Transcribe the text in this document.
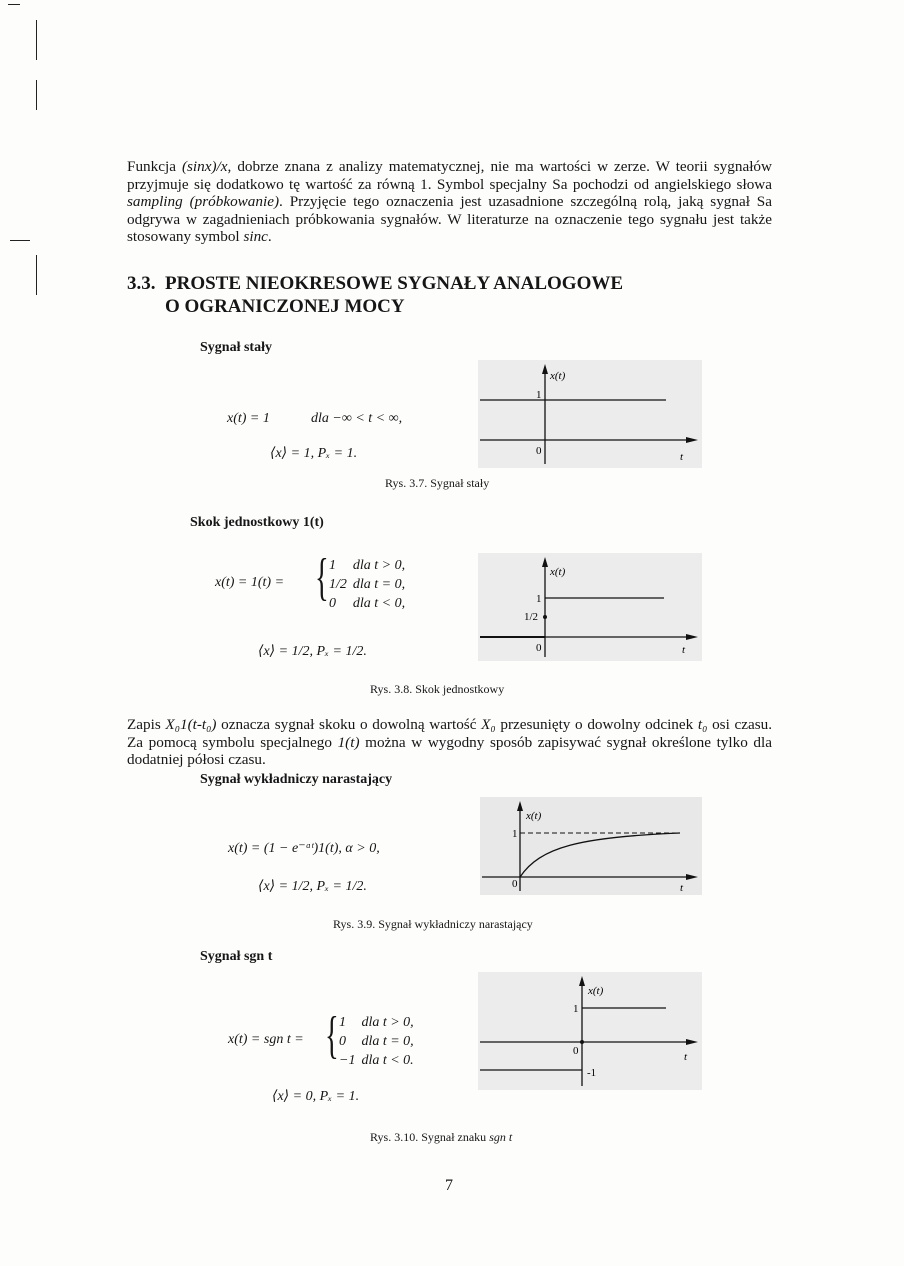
Funkcja (sinx)/x, dobrze znana z analizy matematycznej, nie ma wartości w zerze. W teorii sygnałów przyjmuje się dodatkowo tę wartość za równą 1. Symbol specjalny Sa pochodzi od angielskiego słowa sampling (próbkowanie). Przyjęcie tego oznaczenia jest uzasadnione szczególną rolą, jaką sygnał Sa odgrywa w zagadnieniach próbkowania sygnałów. W literaturze na oznaczenie tego sygnału jest także stosowany symbol sinc.
3.3. PROSTE NIEOKRESOWE SYGNAŁY ANALOGOWE
O OGRANICZONEJ MOCY
Sygnał stały
x(t) = 1	dla −∞ < t < ∞,
⟨x⟩ = 1, Pₓ = 1.
x(t)
1
0	t
Rys. 3.7. Sygnał stały
Skok jednostkowy 1(t)
x(t) = 1(t) = { 1	dla t > 0,
1/2	dla t = 0,
0	dla t < 0,
⟨x⟩ = 1/2, Pₓ = 1/2.
x(t)
1
1/2
0	t
Rys. 3.8. Skok jednostkowy
Zapis X₀1(t-t₀) oznacza sygnał skoku o dowolną wartość X₀ przesunięty o dowolny odcinek t₀ osi czasu. Za pomocą symbolu specjalnego 1(t) można w wygodny sposób zapisywać sygnał określone tylko dla dodatniej półosi czasu.
Sygnał wykładniczy narastający
x(t) = (1 − e⁻ᵅᵗ)1(t), α > 0,
⟨x⟩ = 1/2, Pₓ = 1/2.
x(t)
1
0	t
Rys. 3.9. Sygnał wykładniczy narastający
Sygnał sgn t
x(t) = sgn t = { 1	dla t > 0,
0	dla t = 0,
−1	dla t < 0.
⟨x⟩ = 0, Pₓ = 1.
x(t)
1
0
-1
t
Rys. 3.10. Sygnał znaku sgn t
7
